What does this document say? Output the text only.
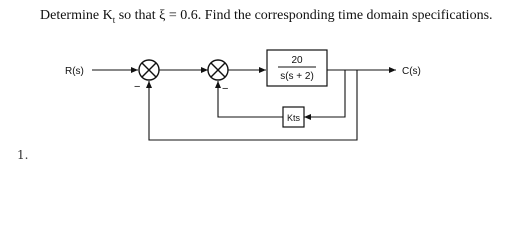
Determine $K_t$ so that ξ = 0.6. Find the corresponding time domain specifications.
R(s)
−	−
20
s(s + 2)	C(s)
Kts
1.
